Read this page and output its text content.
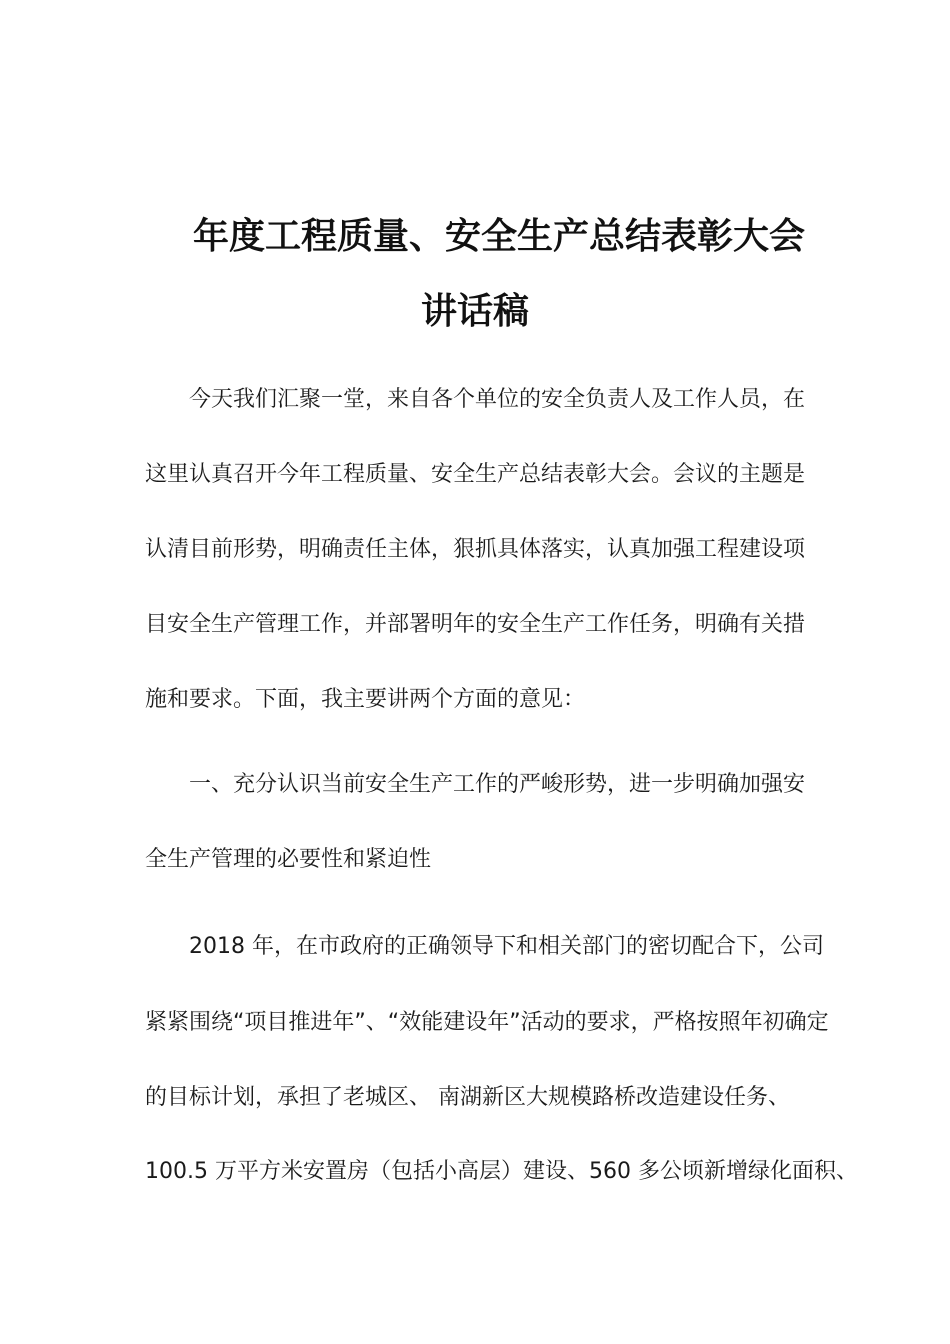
年度工程质量、安全生产总结表彰大会
讲话稿
今天我们汇聚一堂，来自各个单位的安全负责人及工作人员，在
这里认真召开今年工程质量、安全生产总结表彰大会。会议的主题是
认清目前形势，明确责任主体，狠抓具体落实，认真加强工程建设项
目安全生产管理工作，并部署明年的安全生产工作任务，明确有关措
施和要求。下面，我主要讲两个方面的意见：
一、充分认识当前安全生产工作的严峻形势，进一步明确加强安
全生产管理的必要性和紧迫性
2018 年，在市政府的正确领导下和相关部门的密切配合下，公司
紧紧围绕“项目推进年”、“效能建设年”活动的要求，严格按照年初确定
的目标计划，承担了老城区、 南湖新区大规模路桥改造建设任务、
100.5 万平方米安置房（包括小高层）建设、560 多公顷新增绿化面积、
